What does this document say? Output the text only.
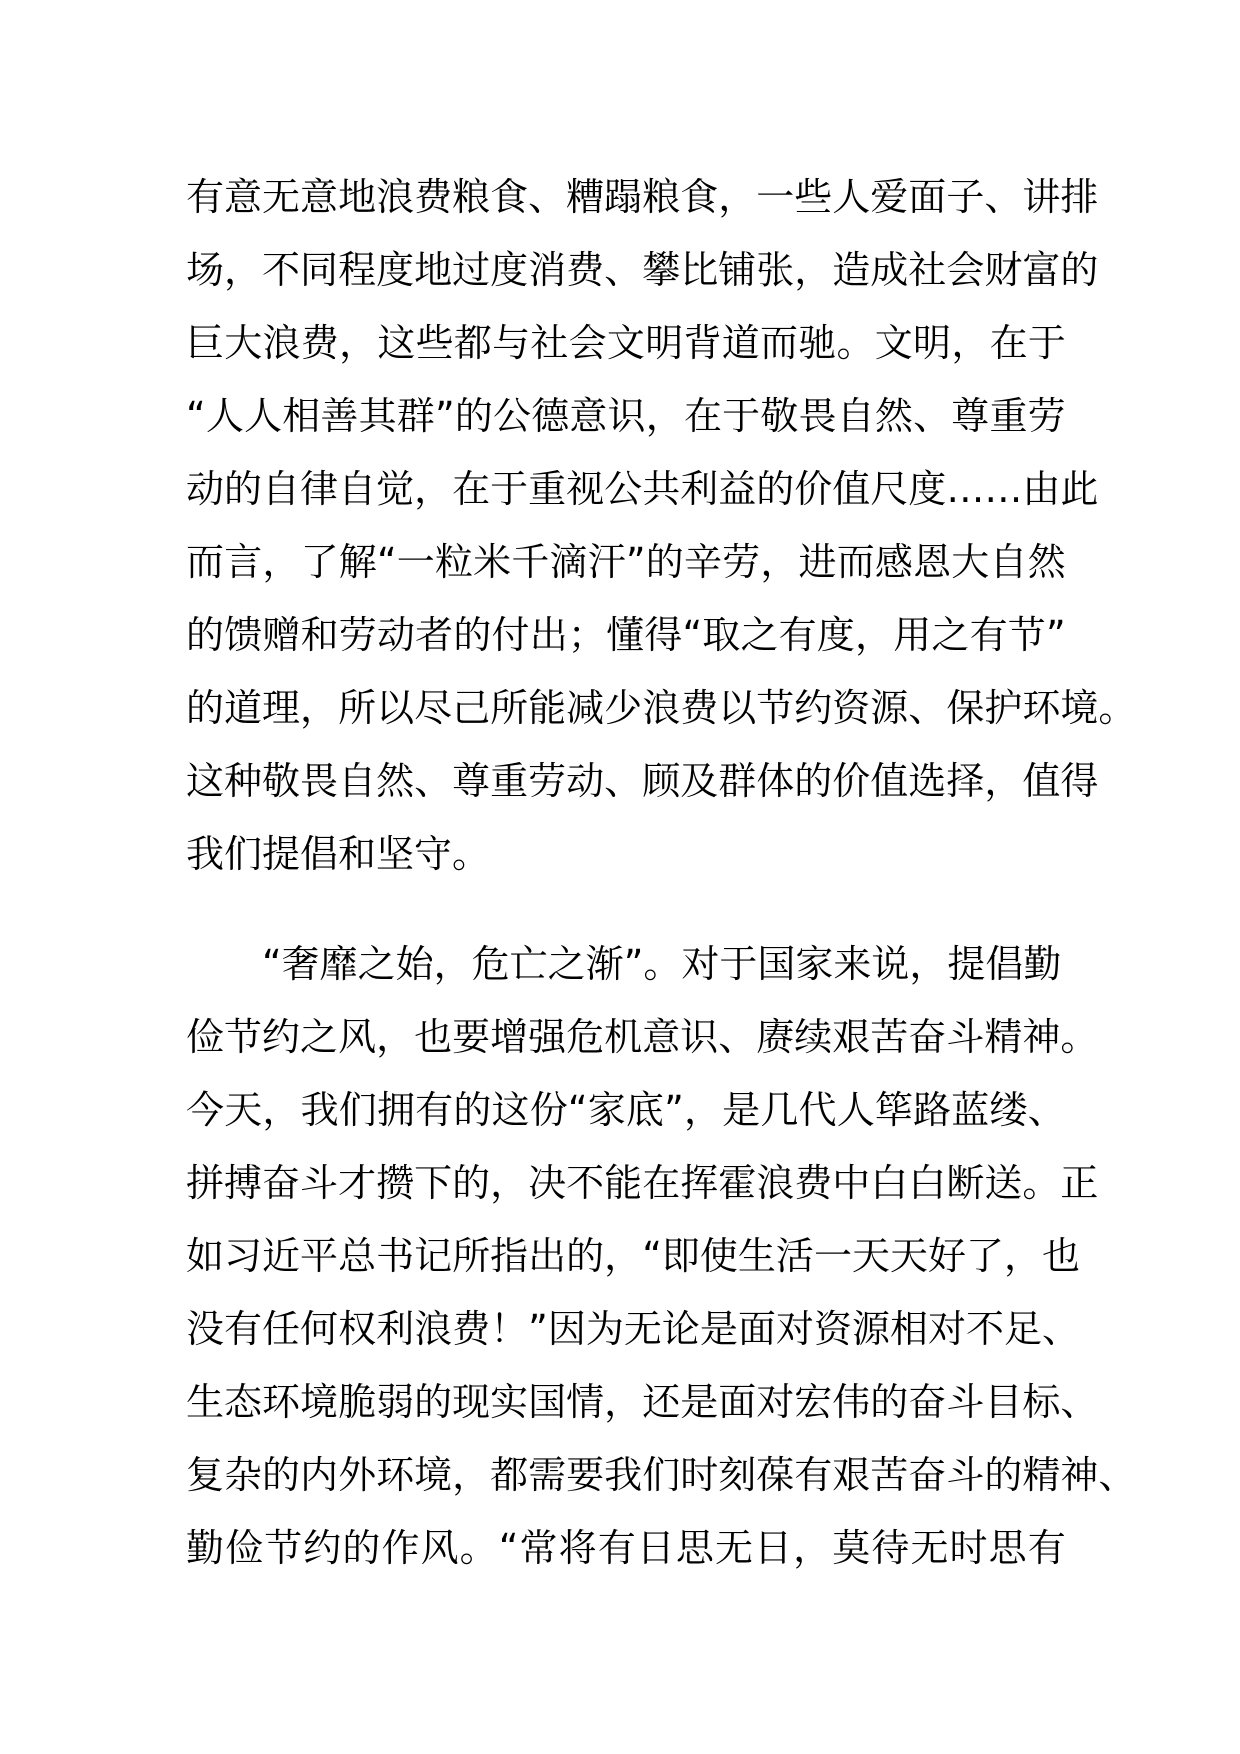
有 意 无 意 地 浪 费 粮 食 、 糟 蹋 粮 食 ， 一 些 人 爱 面 子 、 讲 排
场 ， 不 同 程 度 地 过 度 消 费 、 攀 比 铺 张 ， 造 成 社 会 财 富 的
巨 大 浪 费 ， 这 些 都 与 社 会 文 明 背 道 而 驰 。 文 明 ， 在 于
“ 人 人 相 善 其 群 ” 的 公 德 意 识 ， 在 于 敬 畏 自 然 、 尊 重 劳
动 的 自 律 自 觉 ， 在 于 重 视 公 共 利 益 的 价 值 尺 度 … … 由 此
而 言 ， 了 解 “ 一 粒 米 千 滴 汗 ” 的 辛 劳 ， 进 而 感 恩 大 自 然
的 馈 赠 和 劳 动 者 的 付 出 ； 懂 得 “ 取 之 有 度 ， 用 之 有 节 ”
的 道 理 ， 所 以 尽 己 所 能 减 少 浪 费 以 节 约 资 源 、 保 护 环 境 。
这 种 敬 畏 自 然 、 尊 重 劳 动 、 顾 及 群 体 的 价 值 选 择 ， 值 得
我们提倡和坚守。
“奢靡之始，危亡之渐”。对于国家来说，提倡勤
俭 节 约 之 风 ， 也 要 增 强 危 机 意 识 、 赓 续 艰 苦 奋 斗 精 神 。
今 天 ， 我 们 拥 有 的 这 份 “ 家 底 ” ， 是 几 代 人 筚 路 蓝 缕 、
拼 搏 奋 斗 才 攒 下 的 ， 决 不 能 在 挥 霍 浪 费 中 白 白 断 送 。 正
如 习 近 平 总 书 记 所 指 出 的 ， “ 即 使 生 活 一 天 天 好 了 ， 也
没 有 任 何 权 利 浪 费 ！ ” 因 为 无 论 是 面 对 资 源 相 对 不 足 、
生 态 环 境 脆 弱 的 现 实 国 情 ， 还 是 面 对 宏 伟 的 奋 斗 目 标 、
复 杂 的 内 外 环 境 ， 都 需 要 我 们 时 刻 葆 有 艰 苦 奋 斗 的 精 神 、
勤 俭 节 约 的 作 风 。 “ 常 将 有 日 思 无 日 ， 莫 待 无 时 思 有
